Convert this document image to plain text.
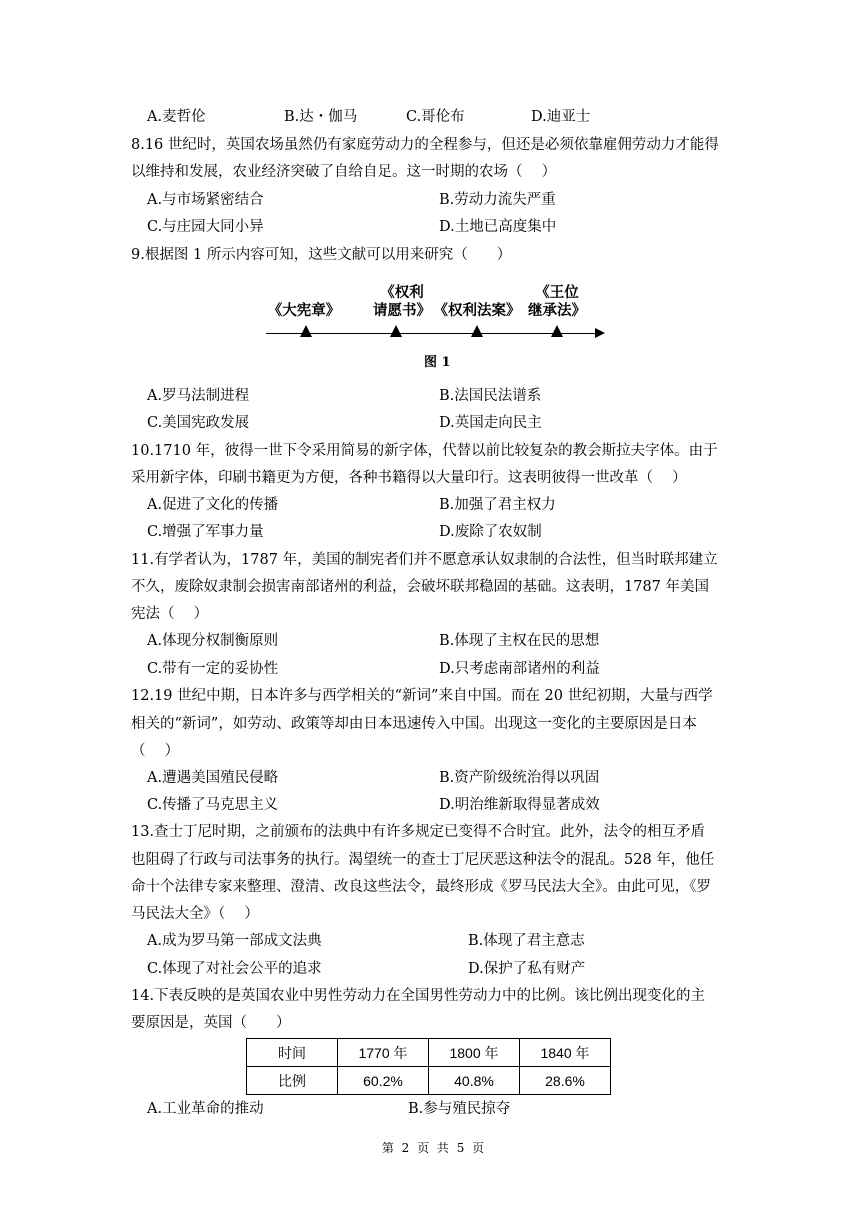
A.麦哲伦	B.达・伽马	C.哥伦布	D.迪亚士
8.16 世纪时，英国农场虽然仍有家庭劳动力的全程参与，但还是必须依靠雇佣劳动力才能得
以维持和发展，农业经济突破了自给自足。这一时期的农场（　 ）
A.与市场紧密结合	B.劳动力流失严重
C.与庄园大同小异	D.土地已高度集中
9.根据图 1 所示内容可知，这些文献可以用来研究（　　）
《大宪章》
《权利
请愿书》 《权利法案》
《王位
继承法》
图 1
A.罗马法制进程	B.法国民法谱系
C.美国宪政发展	D.英国走向民主
10.1710 年，彼得一世下令采用简易的新字体，代替以前比较复杂的教会斯拉夫字体。由于
采用新字体，印刷书籍更为方便，各种书籍得以大量印行。这表明彼得一世改革（　 ）
A.促进了文化的传播	B.加强了君主权力
C.增强了军事力量	D.废除了农奴制
11.有学者认为，1787 年，美国的制宪者们并不愿意承认奴隶制的合法性，但当时联邦建立
不久，废除奴隶制会损害南部诸州的利益，会破坏联邦稳固的基础。这表明，1787 年美国
宪法（　 ）
A.体现分权制衡原则	B.体现了主权在民的思想
C.带有一定的妥协性	D.只考虑南部诸州的利益
12.19 世纪中期，日本许多与西学相关的“新词”来自中国。而在 20 世纪初期，大量与西学
相关的“新词”，如劳动、政策等却由日本迅速传入中国。出现这一变化的主要原因是日本
（　 ）
A.遭遇美国殖民侵略	B.资产阶级统治得以巩固
C.传播了马克思主义	D.明治维新取得显著成效
13.查士丁尼时期，之前颁布的法典中有许多规定已变得不合时宜。此外，法令的相互矛盾
也阻碍了行政与司法事务的执行。渴望统一的查士丁尼厌恶这种法令的混乱。528 年，他任
命十个法律专家来整理、澄清、改良这些法令，最终形成《罗马民法大全》。由此可见，《罗
马民法大全》（　 ）
A.成为罗马第一部成文法典	B.体现了君主意志
C.体现了对社会公平的追求	D.保护了私有财产
14.下表反映的是英国农业中男性劳动力在全国男性劳动力中的比例。该比例出现变化的主
要原因是，英国（　　）
时间	1770 年	1800 年	1840 年
比例	60.2%	40.8%	28.6%
A.工业革命的推动	B.参与殖民掠夺
第 2 页 共 5 页
